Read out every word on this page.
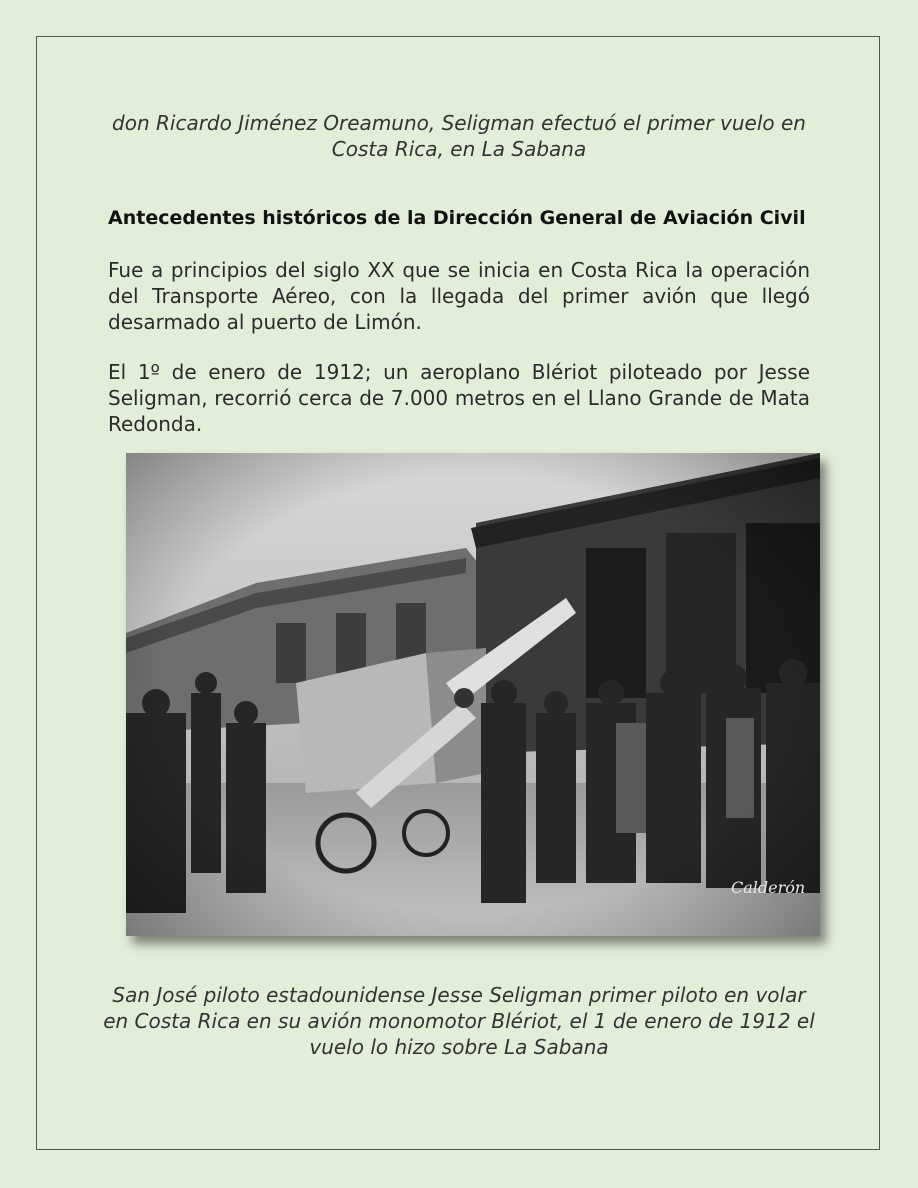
don Ricardo Jiménez Oreamuno, Seligman efectuó el primer vuelo en Costa Rica, en La Sabana
Antecedentes históricos de la Dirección General de Aviación Civil
Fue a principios del siglo XX que se inicia en Costa Rica la operación del Transporte Aéreo, con la llegada del primer avión que llegó desarmado al puerto de Limón.
El 1º de enero de 1912; un aeroplano Blériot piloteado por Jesse Seligman, recorrió cerca de 7.000 metros en el Llano Grande de Mata Redonda.
Calderón
San José piloto estadounidense Jesse Seligman primer piloto en volar en Costa Rica en su avión monomotor Blériot, el 1 de enero de 1912 el vuelo lo hizo sobre La Sabana
